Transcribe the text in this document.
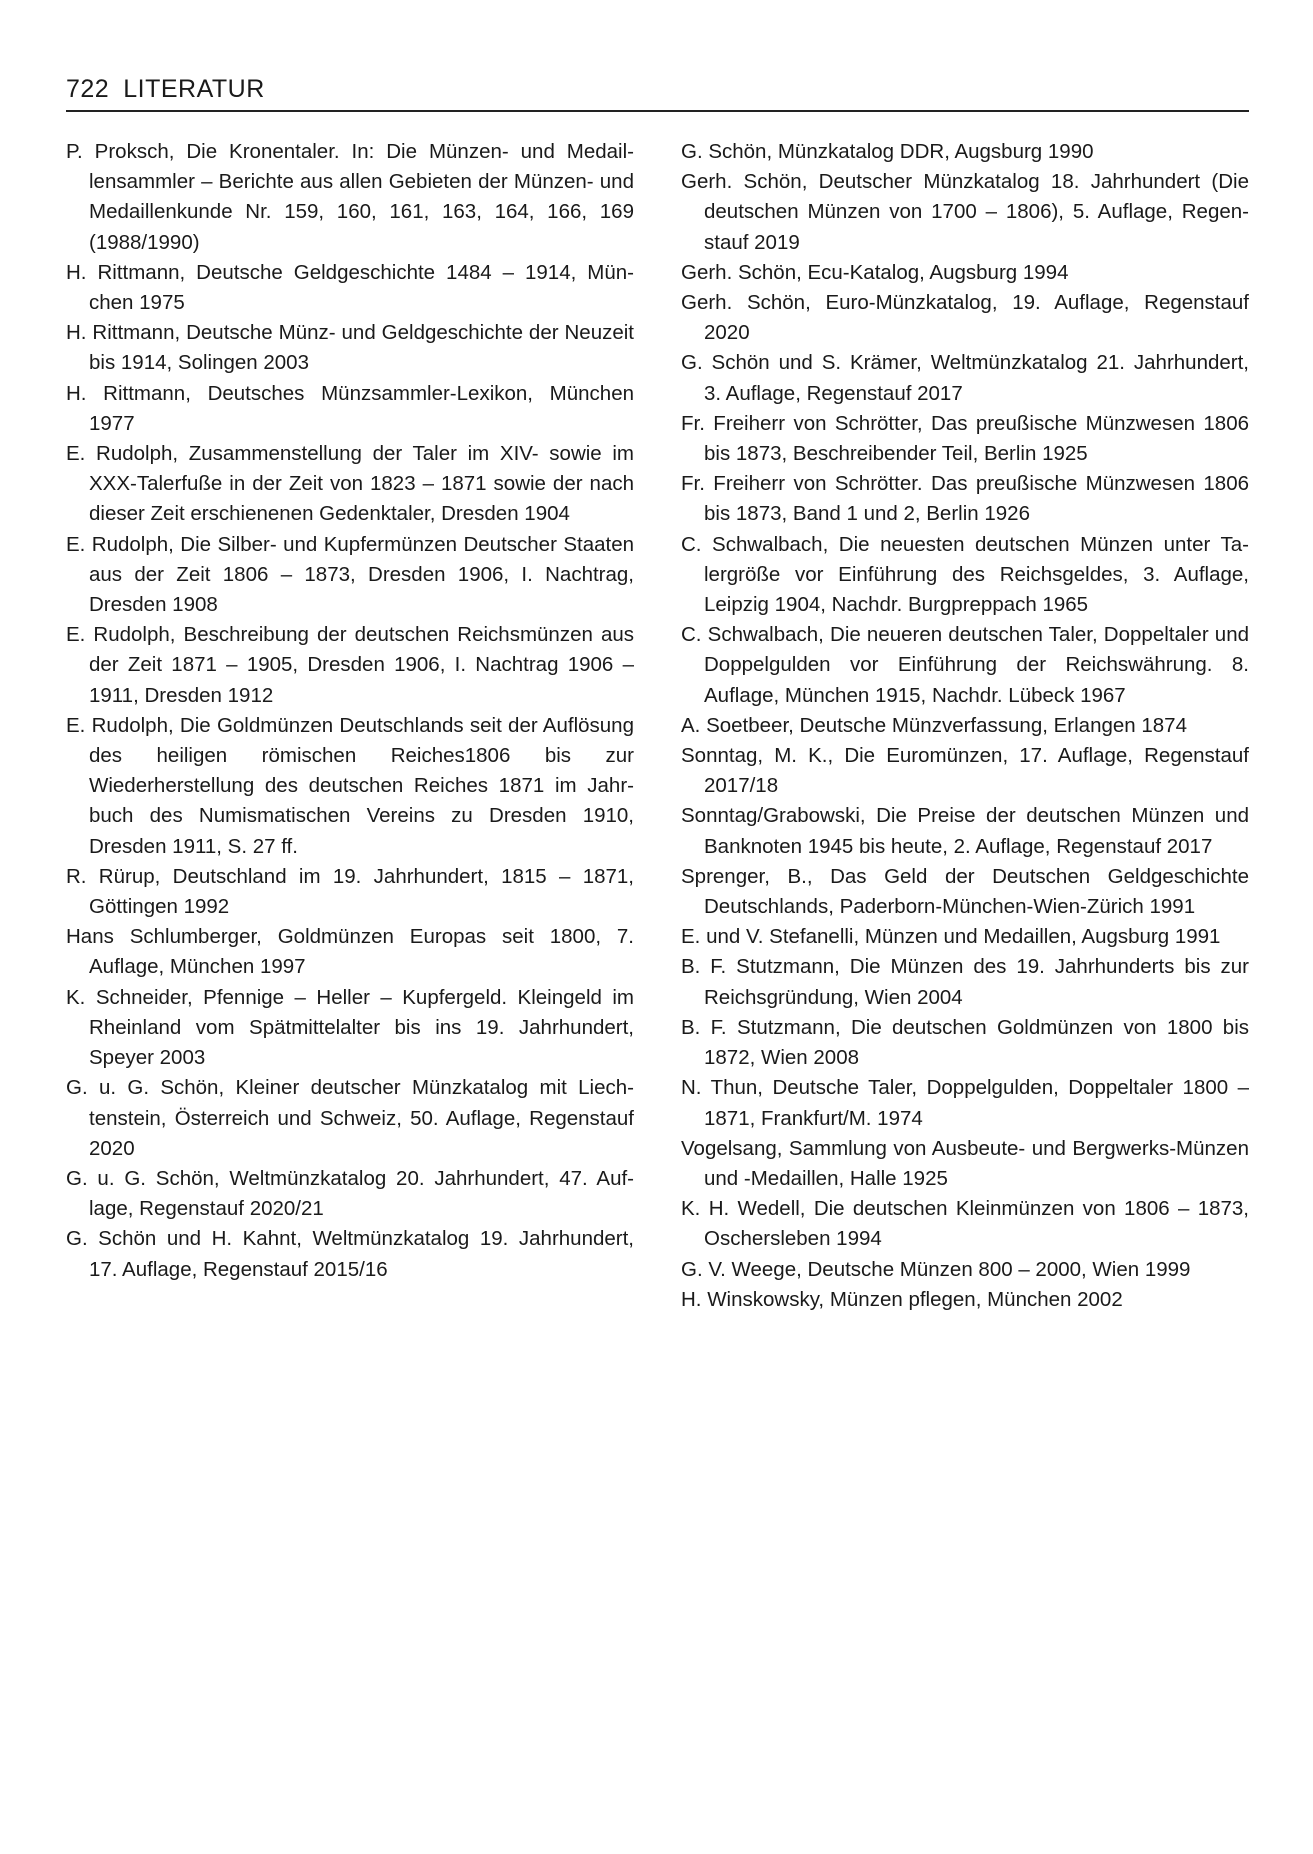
722 LITERATUR

P. Proksch, Die Kronentaler. In: Die Münzen- und Medaillensammler – Berichte aus allen Gebieten der Münzen- und Medaillenkunde Nr. 159, 160, 161, 163, 164, 166, 169 (1988/1990)

H. Rittmann, Deutsche Geldgeschichte 1484 – 1914, München 1975

H. Rittmann, Deutsche Münz- und Geldgeschichte der Neuzeit bis 1914, Solingen 2003

H. Rittmann, Deutsches Münzsammler-Lexikon, München 1977

E. Rudolph, Zusammenstellung der Taler im XIV- sowie im XXX-Talerfuße in der Zeit von 1823 – 1871 sowie der nach dieser Zeit erschienenen Gedenktaler, Dresden 1904

E. Rudolph, Die Silber- und Kupfermünzen Deutscher Staaten aus der Zeit 1806 – 1873, Dresden 1906, I. Nachtrag, Dresden 1908

E. Rudolph, Beschreibung der deutschen Reichsmünzen aus der Zeit 1871 – 1905, Dresden 1906, I. Nachtrag 1906 – 1911, Dresden 1912

E. Rudolph, Die Goldmünzen Deutschlands seit der Auflösung des heiligen römischen Reiches1806 bis zur Wiederherstellung des deutschen Reiches 1871 im Jahrbuch des Numismatischen Vereins zu Dresden 1910, Dresden 1911, S. 27 ff.

R. Rürup, Deutschland im 19. Jahrhundert, 1815 – 1871, Göttingen 1992

Hans Schlumberger, Goldmünzen Europas seit 1800, 7. Auflage, München 1997

K. Schneider, Pfennige – Heller – Kupfergeld. Kleingeld im Rheinland vom Spätmittelalter bis ins 19. Jahrhundert, Speyer 2003

G. u. G. Schön, Kleiner deutscher Münzkatalog mit Liechtenstein, Österreich und Schweiz, 50. Auflage, Regenstauf 2020

G. u. G. Schön, Weltmünzkatalog 20. Jahrhundert, 47. Auflage, Regenstauf 2020/21

G. Schön und H. Kahnt, Weltmünzkatalog 19. Jahrhundert, 17. Auflage, Regenstauf 2015/16

G. Schön, Münzkatalog DDR, Augsburg 1990

Gerh. Schön, Deutscher Münzkatalog 18. Jahrhundert (Die deutschen Münzen von 1700 – 1806), 5. Auflage, Regenstauf 2019

Gerh. Schön, Ecu-Katalog, Augsburg 1994

Gerh. Schön, Euro-Münzkatalog, 19. Auflage, Regenstauf 2020

G. Schön und S. Krämer, Weltmünzkatalog 21. Jahrhundert, 3. Auflage, Regenstauf 2017

Fr. Freiherr von Schrötter, Das preußische Münzwesen 1806 bis 1873, Beschreibender Teil, Berlin 1925

Fr. Freiherr von Schrötter. Das preußische Münzwesen 1806 bis 1873, Band 1 und 2, Berlin 1926

C. Schwalbach, Die neuesten deutschen Münzen unter Talergröße vor Einführung des Reichsgeldes, 3. Auflage, Leipzig 1904, Nachdr. Burgpreppach 1965

C. Schwalbach, Die neueren deutschen Taler, Doppeltaler und Doppelgulden vor Einführung der Reichswährung. 8. Auflage, München 1915, Nachdr. Lübeck 1967

A. Soetbeer, Deutsche Münzverfassung, Erlangen 1874

Sonntag, M. K., Die Euromünzen, 17. Auflage, Regenstauf 2017/18

Sonntag/Grabowski, Die Preise der deutschen Münzen und Banknoten 1945 bis heute, 2. Auflage, Regenstauf 2017

Sprenger, B., Das Geld der Deutschen Geldgeschichte Deutschlands, Paderborn-München-Wien-Zürich 1991

E. und V. Stefanelli, Münzen und Medaillen, Augsburg 1991

B. F. Stutzmann, Die Münzen des 19. Jahrhunderts bis zur Reichsgründung, Wien 2004

B. F. Stutzmann, Die deutschen Goldmünzen von 1800 bis 1872, Wien 2008

N. Thun, Deutsche Taler, Doppelgulden, Doppeltaler 1800 – 1871, Frankfurt/M. 1974

Vogelsang, Sammlung von Ausbeute- und Bergwerks-Münzen und -Medaillen, Halle 1925

K. H. Wedell, Die deutschen Kleinmünzen von 1806 – 1873, Oschersleben 1994

G. V. Weege, Deutsche Münzen 800 – 2000, Wien 1999

H. Winskowsky, Münzen pflegen, München 2002
